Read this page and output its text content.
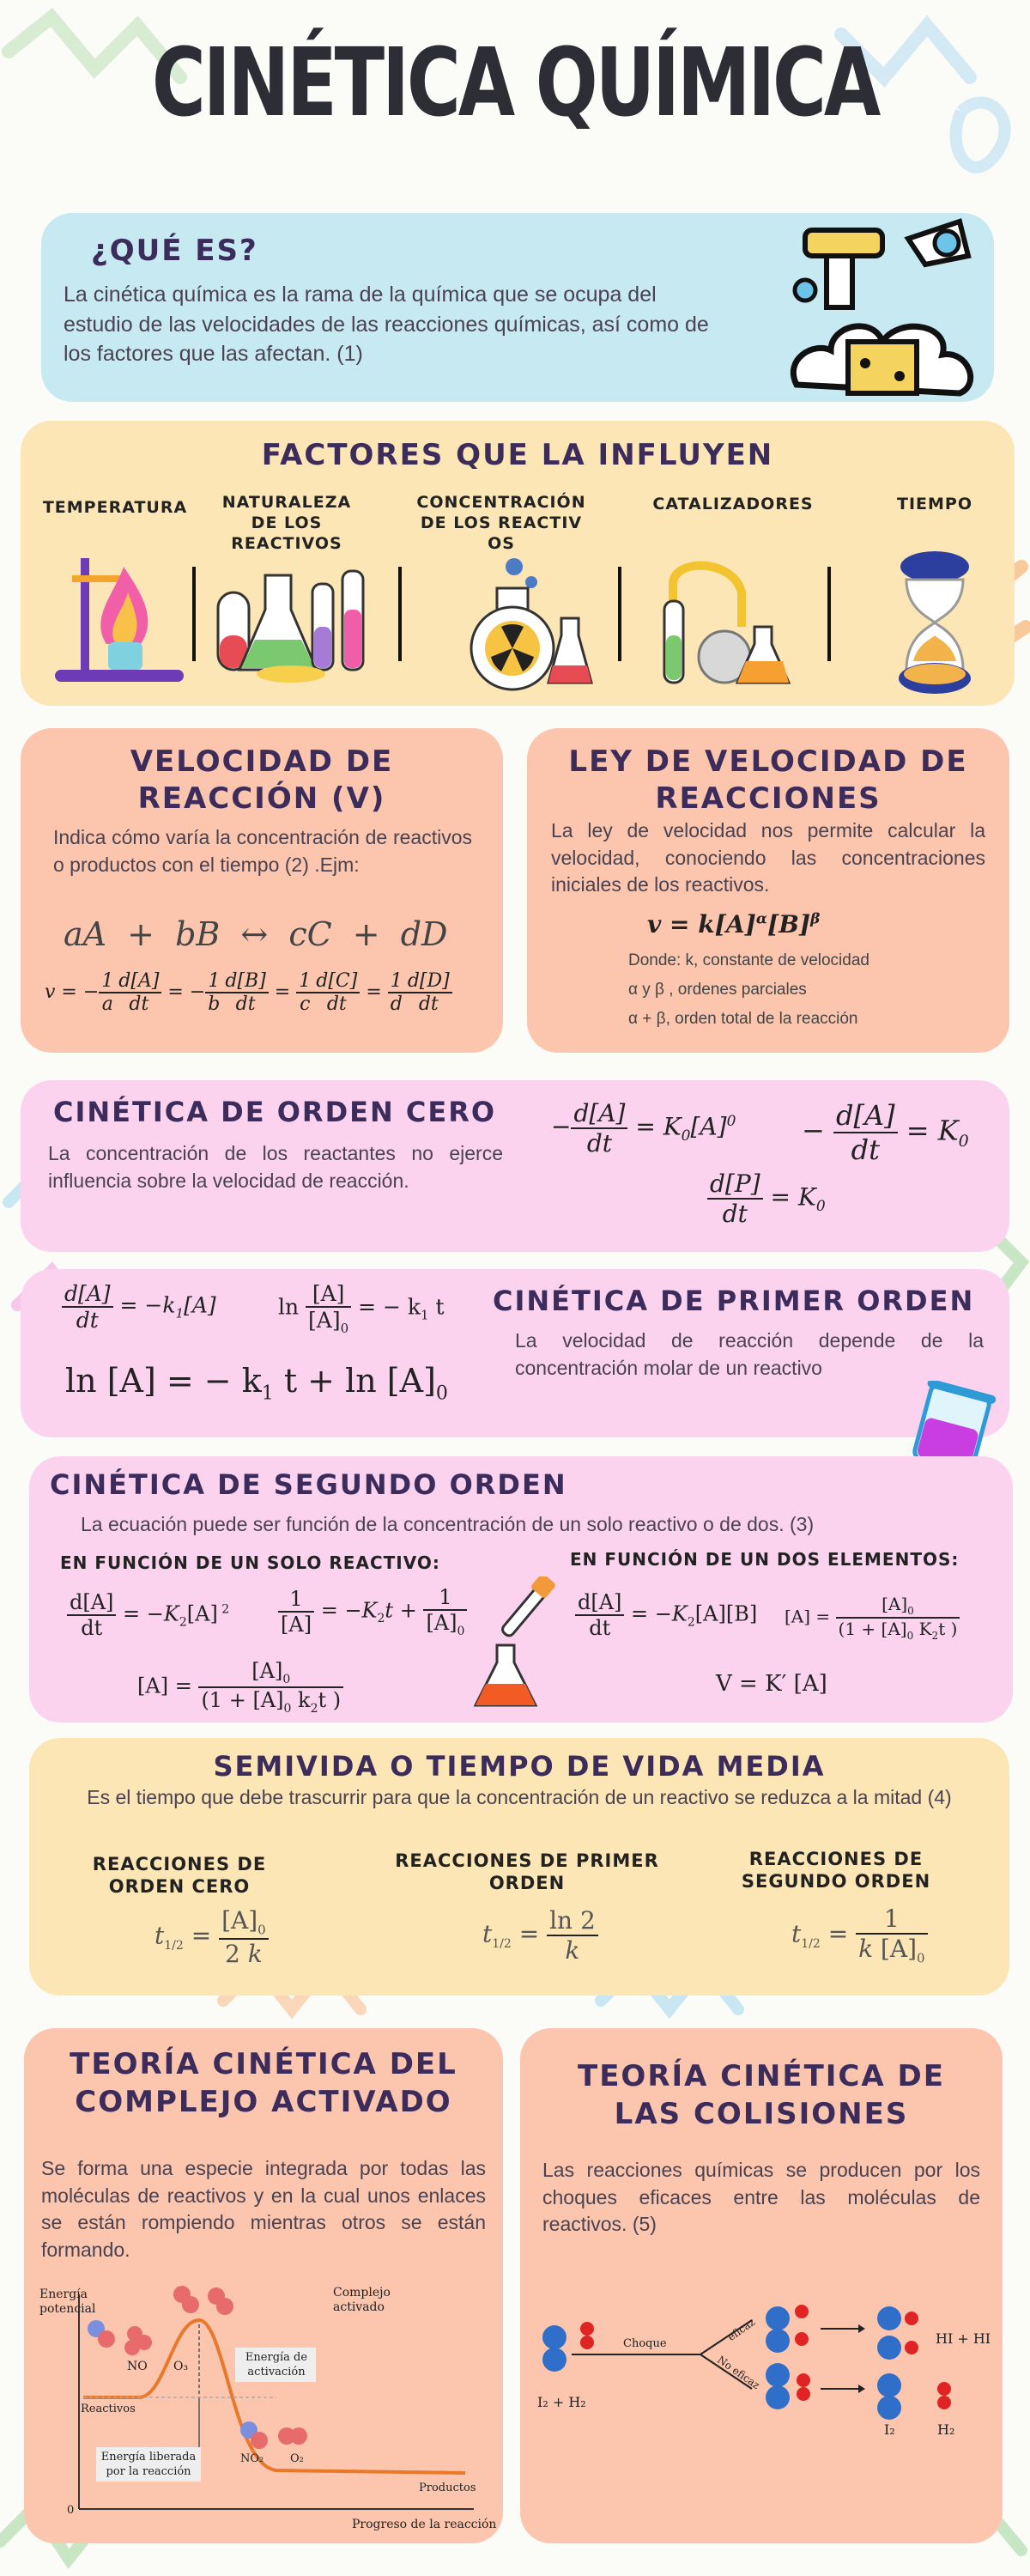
CINÉTICA QUÍMICA
¿QUÉ ES?

La cinética química es la rama de la química que se ocupa del estudio de las velocidades de las reacciones químicas, así como de los factores que las afectan. (1)

FACTORES QUE LA INFLUYEN
TEMPERATURA	NATURALEZA DE LOS REACTIVOS
CONCENTRACIÓN DE LOS REACTIVOS
CATALIZADORES	TIEMPO
VELOCIDAD DE REACCIÓN (V)

Indica cómo varía la concentración de reactivos o productos con el tiempo (2) .Ejm:

aA + bB ↔ cC + dD
v = − $\frac{1}{a} \frac{d[A]}{dt}$ = − $\frac{1}{b} \frac{d[B]}{dt} = \frac{1}{c} \frac{d[C]}{dt} = \frac{1}{d} \frac{d[D]}{dt}$
LEY DE VELOCIDAD DE REACCIONES

La ley de velocidad nos permite calcular la velocidad, conociendo las concentraciones iniciales de los reactivos.

$v = k[A]^\alpha[B]^\beta$
Donde: k, constante de velocidad
α y β , ordenes parciales
α + β, orden total de la reacción
CINÉTICA DE ORDEN CERO

La concentración de los reactantes no ejerce influencia sobre la velocidad de reacción.

− $\frac{d[A]}{dt} = K_0[A]^0 - \frac{d[A]}{dt} = K_0$
$\frac{d[P]}{dt} = K_0$
$\frac{d[A]}{dt} = -k_1[A]$	$\ln \frac{[A]}{[A]_0}$ = − $k_1$ t
ln [A] = − $k_1$ $t + \ln [A]_0$
CINÉTICA DE PRIMER ORDEN

La velocidad de reacción depende de la concentración molar de un reactivo

CINÉTICA DE SEGUNDO ORDEN

La ecuación puede ser función de la concentración de un solo reactivo o de dos. (3)

EN FUNCIÓN DE UN SOLO REACTIVO:	EN FUNCIÓN DE UN DOS ELEMENTOS:
$\frac{d[A]}{dt} = -K_2[A]$ $^2 \frac{1}{[A]} = -K_2t + \frac{1}{[A]_0}$
$[A] = \frac{[A]_0}{(1 + [A]_0 k_2t )}$
$\frac{d[A]}{dt} = -K_2[A][B] [A] = \frac{[A]_0}{(1 + [A]_0 K_2t )}$
V = K′ [A]
SEMIVIDA O TIEMPO DE VIDA MEDIA

Es el tiempo que debe trascurrir para que la concentración de un reactivo se reduzca a la mitad (4)

REACCIONES DE ORDEN CERO
REACCIONES DE PRIMER ORDEN
REACCIONES DE SEGUNDO ORDEN
$t_{1/2} = \frac{[A]_0}{2 k}$	$t_{1/2} = \frac{\ln 2}{k}$	$t_{1/2} = \frac{1}{k [A]_0}$
TEORÍA CINÉTICA DEL COMPLEJO ACTIVADO

Se forma una especie integrada por todas las moléculas de reactivos y en la cual unos enlaces se están rompiendo mientras otros se están formando.

Energía potencial
NO O₃
Complejo activado
Energía de activación
Reactivos
Energía liberada por la reacción
NO₂ O₂
Productos
0
Progreso de la reacción
TEORÍA CINÉTICA DE LAS COLISIONES

Las reacciones químicas se producen por los choques eficaces entre las moléculas de reactivos. (5)

I₂ + H₂
Choque
eficaz
No eficaz
HI + HI
I₂	H₂
